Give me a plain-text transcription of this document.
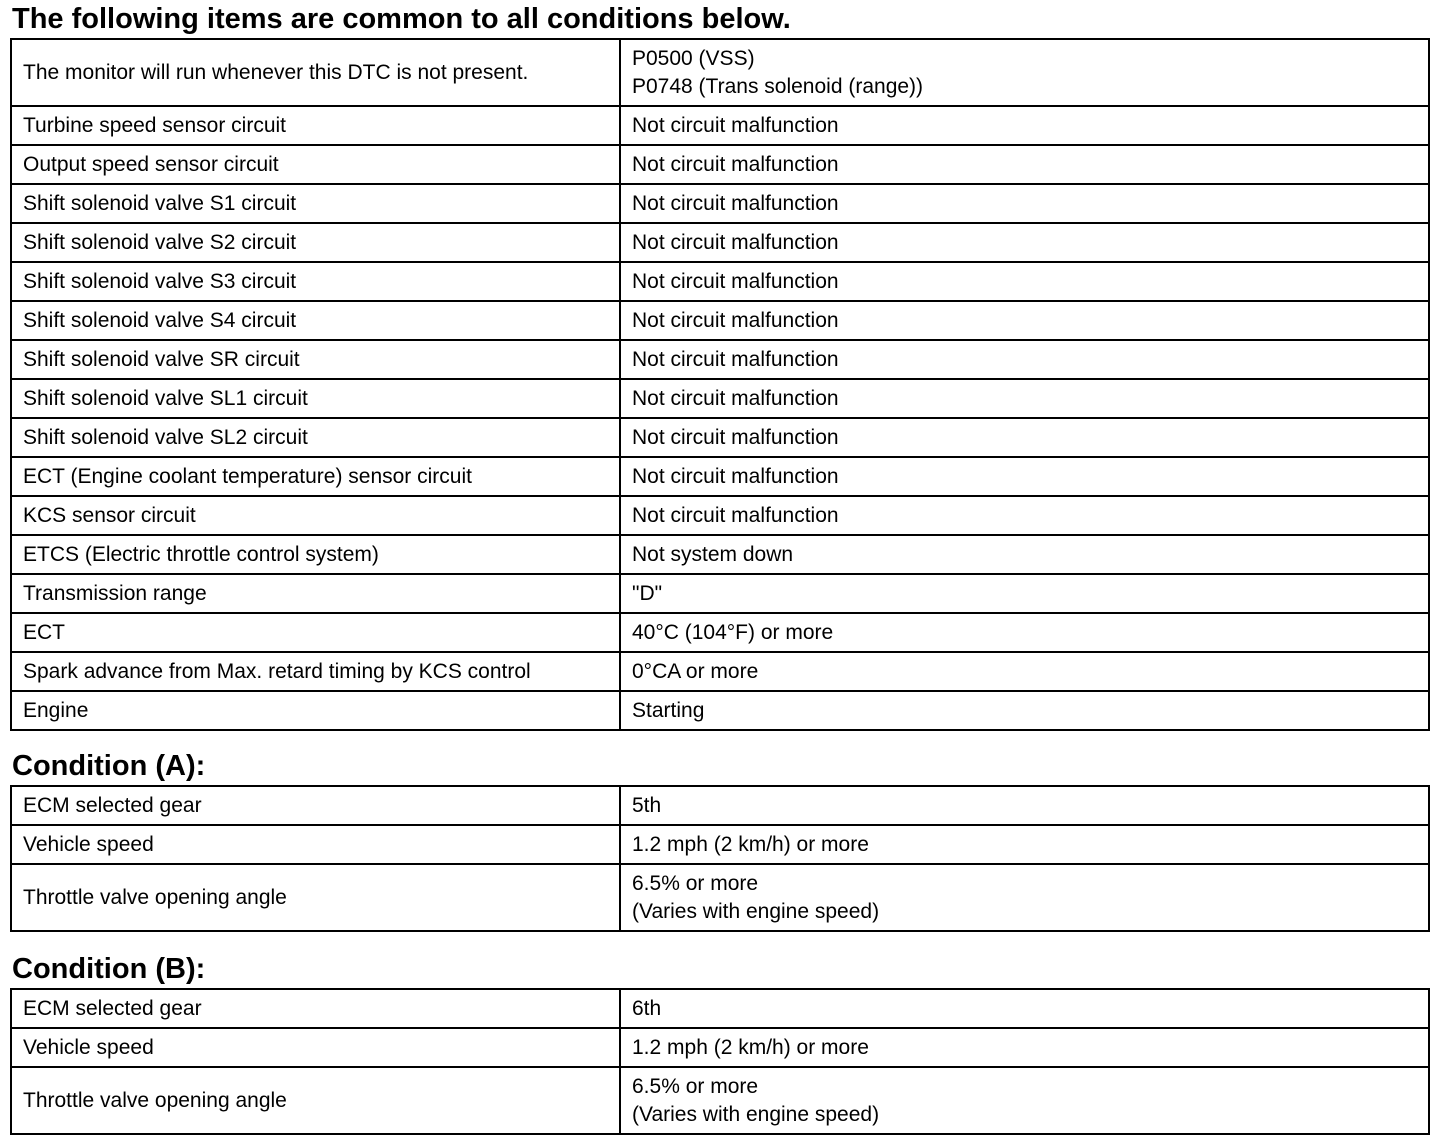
The following items are common to all conditions below.
The monitor will run whenever this DTC is not present.	P0500 (VSS)
P0748 (Trans solenoid (range))
Turbine speed sensor circuit	Not circuit malfunction
Output speed sensor circuit	Not circuit malfunction
Shift solenoid valve S1 circuit	Not circuit malfunction
Shift solenoid valve S2 circuit	Not circuit malfunction
Shift solenoid valve S3 circuit	Not circuit malfunction
Shift solenoid valve S4 circuit	Not circuit malfunction
Shift solenoid valve SR circuit	Not circuit malfunction
Shift solenoid valve SL1 circuit	Not circuit malfunction
Shift solenoid valve SL2 circuit	Not circuit malfunction
ECT (Engine coolant temperature) sensor circuit	Not circuit malfunction
KCS sensor circuit	Not circuit malfunction
ETCS (Electric throttle control system)	Not system down
Transmission range	"D"
ECT	40°C (104°F) or more
Spark advance from Max. retard timing by KCS control	0°CA or more
Engine	Starting
Condition (A):
ECM selected gear	5th
Vehicle speed	1.2 mph (2 km/h) or more
Throttle valve opening angle	6.5% or more
(Varies with engine speed)
Condition (B):
ECM selected gear	6th
Vehicle speed	1.2 mph (2 km/h) or more
Throttle valve opening angle	6.5% or more
(Varies with engine speed)
